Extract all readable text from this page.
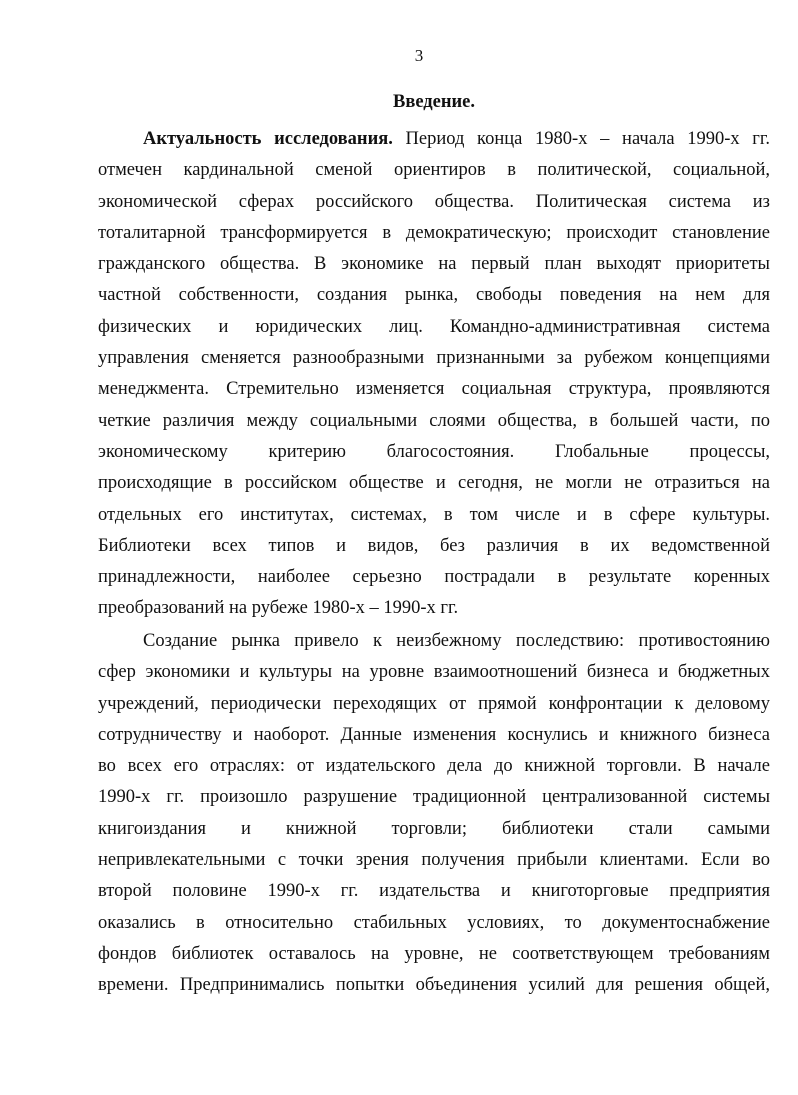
3
Введение.
Актуальность исследования. Период конца 1980-х – начала 1990-х гг.
отмечен кардинальной сменой ориентиров в политической, социальной,
экономической сферах российского общества. Политическая система из
тоталитарной трансформируется в демократическую; происходит становление
гражданского общества. В экономике на первый план выходят приоритеты
частной собственности, создания рынка, свободы поведения на нем для
физических и юридических лиц. Командно-административная система
управления сменяется разнообразными признанными за рубежом концепциями
менеджмента. Стремительно изменяется социальная структура, проявляются
четкие различия между социальными слоями общества, в большей части, по
экономическому критерию благосостояния. Глобальные процессы,
происходящие в российском обществе и сегодня, не могли не отразиться на
отдельных его институтах, системах, в том числе и в сфере культуры.
Библиотеки всех типов и видов, без различия в их ведомственной
принадлежности, наиболее серьезно пострадали в результате коренных
преобразований на рубеже 1980-х – 1990-х гг.
Создание рынка привело к неизбежному последствию: противостоянию
сфер экономики и культуры на уровне взаимоотношений бизнеса и бюджетных
учреждений, периодически переходящих от прямой конфронтации к деловому
сотрудничеству и наоборот. Данные изменения коснулись и книжного бизнеса
во всех его отраслях: от издательского дела до книжной торговли. В начале
1990-х гг. произошло разрушение традиционной централизованной системы
книгоиздания и книжной торговли; библиотеки стали самыми
непривлекательными с точки зрения получения прибыли клиентами. Если во
второй половине 1990-х гг. издательства и книготорговые предприятия
оказались в относительно стабильных условиях, то документоснабжение
фондов библиотек оставалось на уровне, не соответствующем требованиям
времени. Предпринимались попытки объединения усилий для решения общей,
